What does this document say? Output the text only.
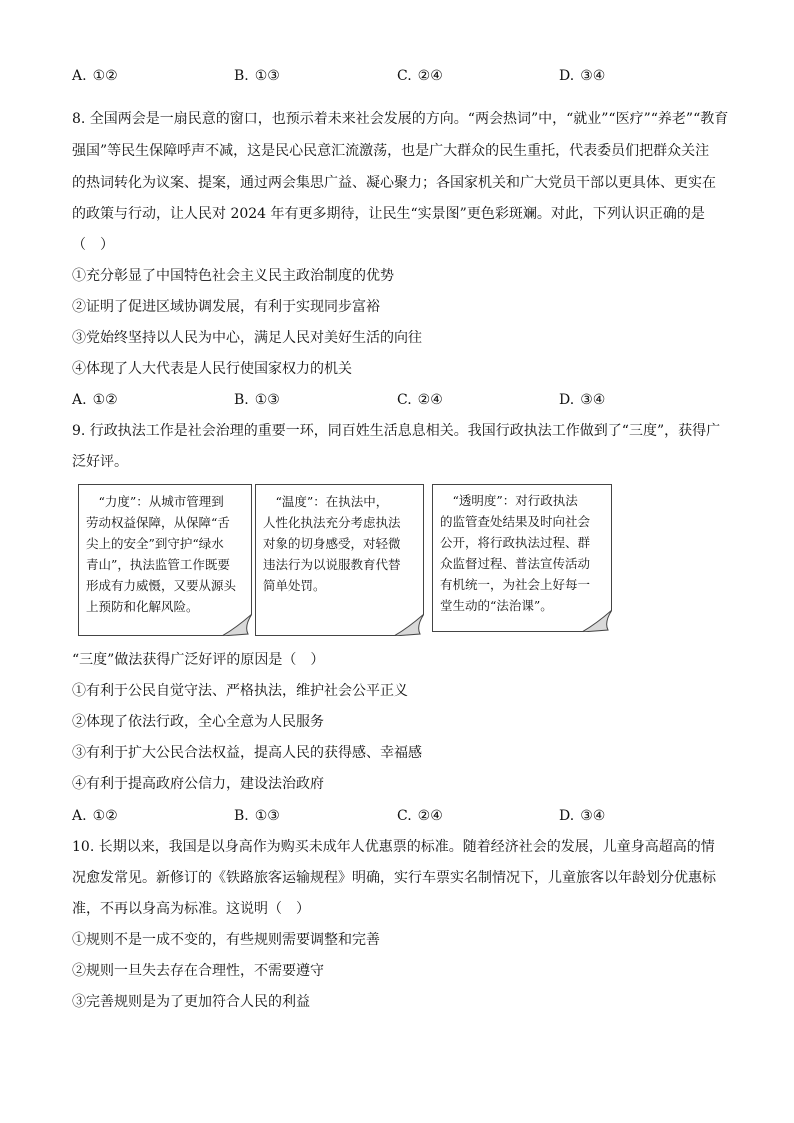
A. ①②	B. ①③	C. ②④	D. ③④
8. 全国两会是一扇民意的窗口，也预示着未来社会发展的方向。“两会热词”中，“就业”“医疗”“养老”“教育
强国”等民生保障呼声不减，这是民心民意汇流激荡，也是广大群众的民生重托，代表委员们把群众关注
的热词转化为议案、提案，通过两会集思广益、凝心聚力；各国家机关和广大党员干部以更具体、更实在
的政策与行动，让人民对 2024 年有更多期待，让民生“实景图”更色彩斑斓。对此，下列认识正确的是
（　）
①充分彰显了中国特色社会主义民主政治制度的优势
②证明了促进区域协调发展，有利于实现同步富裕
③党始终坚持以人民为中心，满足人民对美好生活的向往
④体现了人大代表是人民行使国家权力的机关
A. ①②	B. ①③	C. ②④	D. ③④
9. 行政执法工作是社会治理的重要一环，同百姓生活息息相关。我国行政执法工作做到了“三度”，获得广
泛好评。
　“力度”：从城市管理到
劳动权益保障，从保障“舌
尖上的安全”到守护“绿水
青山”，执法监管工作既要
形成有力威慑，又要从源头
上预防和化解风险。
　“温度”：在执法中，
人性化执法充分考虑执法
对象的切身感受，对轻微
违法行为以说服教育代替
简单处罚。
　“透明度”：对行政执法
的监管查处结果及时向社会
公开，将行政执法过程、群
众监督过程、普法宣传活动
有机统一，为社会上好每一
堂生动的“法治课”。
“三度”做法获得广泛好评的原因是（　）
①有利于公民自觉守法、严格执法，维护社会公平正义
②体现了依法行政，全心全意为人民服务
③有利于扩大公民合法权益，提高人民的获得感、幸福感
④有利于提高政府公信力，建设法治政府
A. ①②	B. ①③	C. ②④	D. ③④
10. 长期以来，我国是以身高作为购买未成年人优惠票的标准。随着经济社会的发展，儿童身高超高的情
况愈发常见。新修订的《铁路旅客运输规程》明确，实行车票实名制情况下，儿童旅客以年龄划分优惠标
准，不再以身高为标准。这说明（　）
①规则不是一成不变的，有些规则需要调整和完善
②规则一旦失去存在合理性，不需要遵守
③完善规则是为了更加符合人民的利益
